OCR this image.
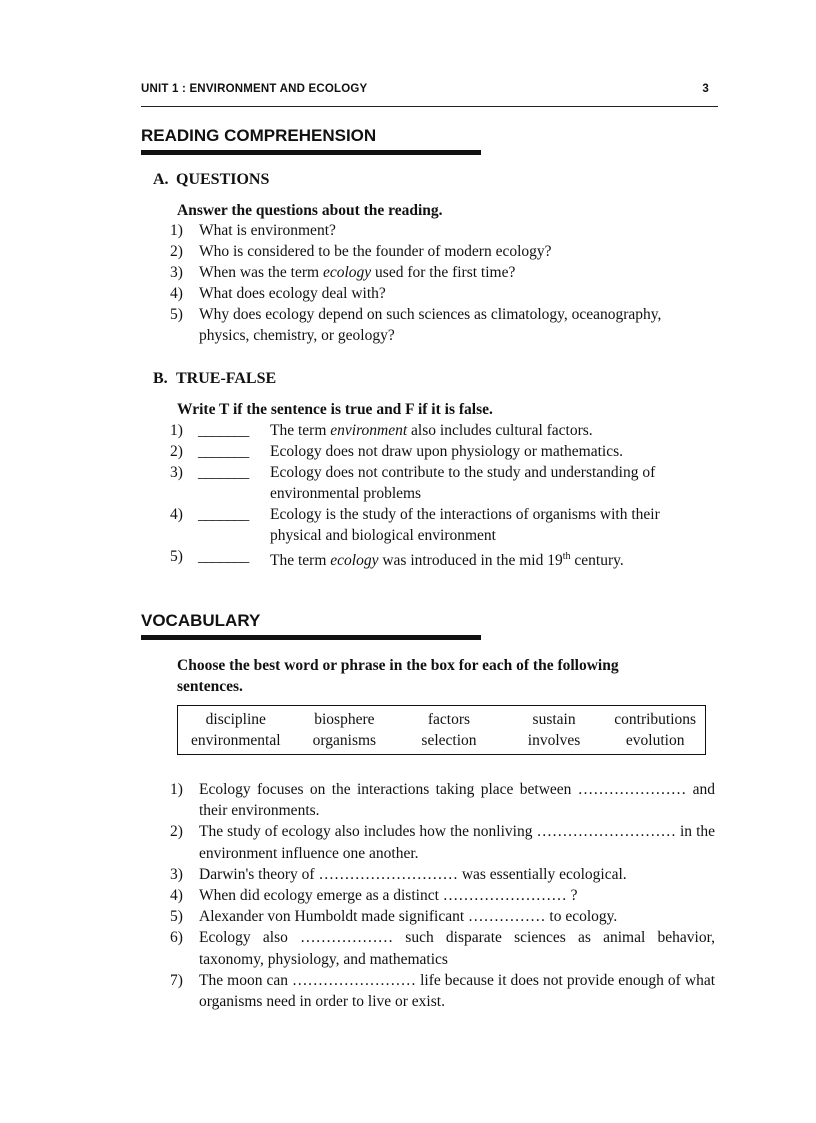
UNIT 1 : ENVIRONMENT AND ECOLOGY	3
READING COMPREHENSION
A. QUESTIONS
Answer the questions about the reading.
1) What is environment?
2) Who is considered to be the founder of modern ecology?
3) When was the term ecology used for the first time?
4) What does ecology deal with?
5) Why does ecology depend on such sciences as climatology, oceanography, physics, chemistry, or geology?
B. TRUE-FALSE
Write T if the sentence is true and F if it is false.
1) _______ The term environment also includes cultural factors.
2) _______ Ecology does not draw upon physiology or mathematics.
3) _______ Ecology does not contribute to the study and understanding of environmental problems
4) _______ Ecology is the study of the interactions of organisms with their physical and biological environment
5) _______ The term ecology was introduced in the mid 19th century.
VOCABULARY
Choose the best word or phrase in the box for each of the following sentences.
discipline	biosphere	factors	sustain	contributions
environmental	organisms	selection	involves	evolution
1) Ecology focuses on the interactions taking place between ………………… and their environments.
2) The study of ecology also includes how the nonliving ……………………… in the environment influence one another.
3) Darwin's theory of ……………………… was essentially ecological.
4) When did ecology emerge as a distinct …………………… ?
5) Alexander von Humboldt made significant …………… to ecology.
6) Ecology also ……………… such disparate sciences as animal behavior, taxonomy, physiology, and mathematics
7) The moon can …………………… life because it does not provide enough of what organisms need in order to live or exist.
